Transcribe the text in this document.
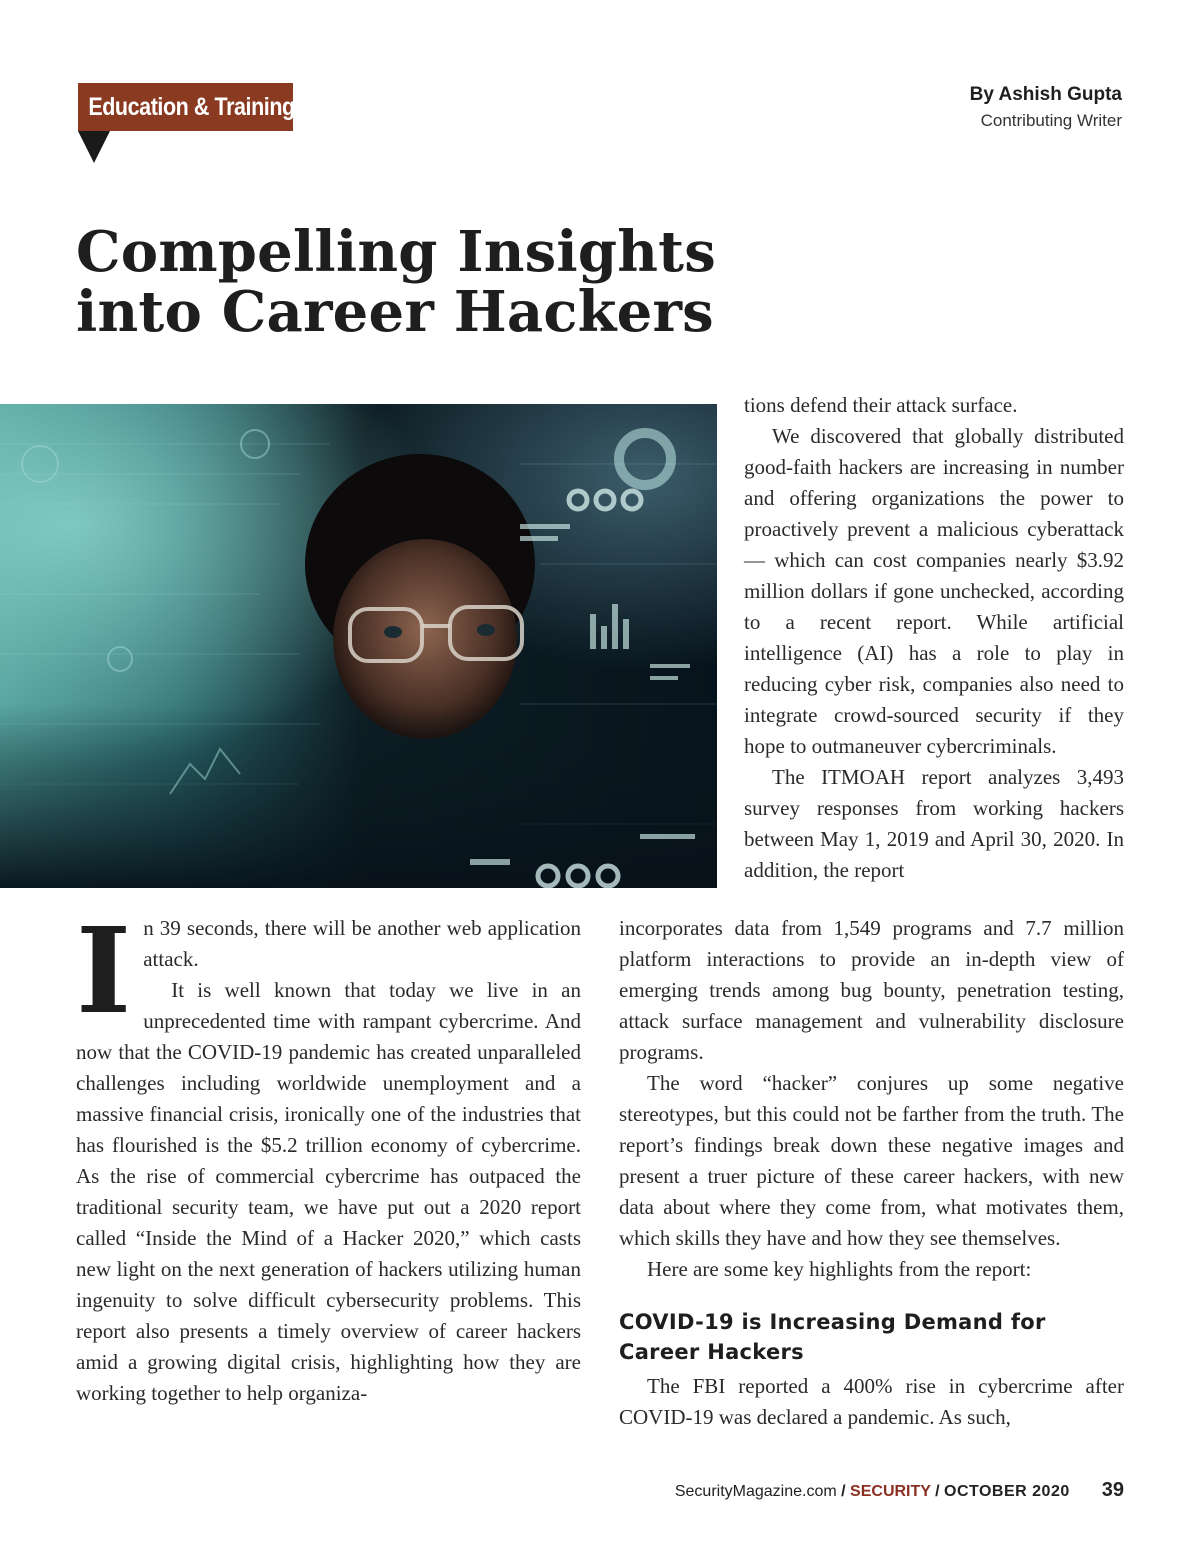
Education & Training	By Ashish Gupta
Contributing Writer
Compelling Insights
into Career Hackers

tions defend their attack surface.

We discovered that globally distributed good-faith hackers are increasing in number and offering organizations the power to proactively prevent a malicious cyberattack — which can cost companies nearly $3.92 million dollars if gone unchecked, according to a recent report. While artificial intelligence (AI) has a role to play in reducing cyber risk, companies also need to integrate crowd-sourced security if they hope to outmaneuver cybercriminals.

The ITMOAH report analyzes 3,493 survey responses from working hackers between May 1, 2019 and April 30, 2020. In addition, the report

I n 39 seconds, there will be another web application attack.

It is well known that today we live in an unprecedented time with rampant cybercrime. And now that the COVID-19 pandemic has created unparalleled challenges including worldwide unemployment and a massive financial crisis, ironically one of the industries that has flourished is the $5.2 trillion economy of cybercrime. As the rise of commercial cybercrime has outpaced the traditional security team, we have put out a 2020 report called “Inside the Mind of a Hacker 2020,” which casts new light on the next generation of hackers utilizing human ingenuity to solve difficult cybersecurity problems. This report also presents a timely overview of career hackers amid a growing digital crisis, highlighting how they are working together to help organiza-

incorporates data from 1,549 programs and 7.7 million platform interactions to provide an in-depth view of emerging trends among bug bounty, penetration testing, attack surface management and vulnerability disclosure programs.

The word “hacker” conjures up some negative stereotypes, but this could not be farther from the truth. The report’s findings break down these negative images and present a truer picture of these career hackers, with new data about where they come from, what motivates them, which skills they have and how they see themselves.

Here are some key highlights from the report:

COVID-19 is Increasing Demand for Career Hackers

The FBI reported a 400% rise in cybercrime after COVID-19 was declared a pandemic. As such,

SecurityMagazine.com / SECURITY / OCTOBER 2020 39
